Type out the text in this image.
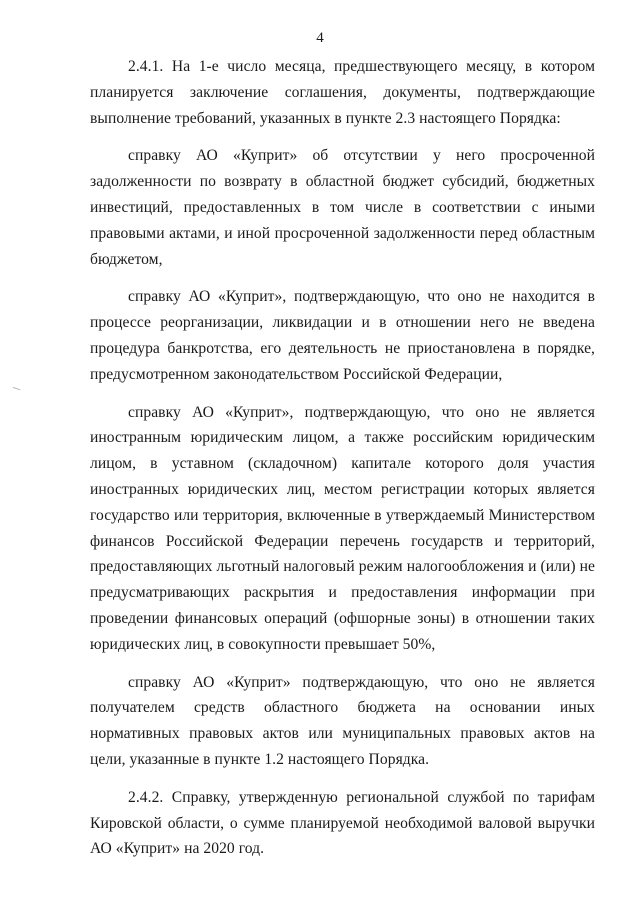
4

2.4.1. На 1-е число месяца, предшествующего месяцу, в котором планируется заключение соглашения, документы, подтверждающие выполнение требований, указанных в пункте 2.3 настоящего Порядка:

справку АО «Куприт» об отсутствии у него просроченной задолженности по возврату в областной бюджет субсидий, бюджетных инвестиций, предоставленных в том числе в соответствии с иными правовыми актами, и иной просроченной задолженности перед областным бюджетом,

справку АО «Куприт», подтверждающую, что оно не находится в процессе реорганизации, ликвидации и в отношении него не введена процедура банкротства, его деятельность не приостановлена в порядке, предусмотренном законодательством Российской Федерации,

справку АО «Куприт», подтверждающую, что оно не является иностранным юридическим лицом, а также российским юридическим лицом, в уставном (складочном) капитале которого доля участия иностранных юридических лиц, местом регистрации которых является государство или территория, включенные в утверждаемый Министерством финансов Российской Федерации перечень государств и территорий, предоставляющих льготный налоговый режим налогообложения и (или) не предусматривающих раскрытия и предоставления информации при проведении финансовых операций (офшорные зоны) в отношении таких юридических лиц, в совокупности превышает 50%,

справку АО «Куприт» подтверждающую, что оно не является получателем средств областного бюджета на основании иных нормативных правовых актов или муниципальных правовых актов на цели, указанные в пункте 1.2 настоящего Порядка.

2.4.2. Справку, утвержденную региональной службой по тарифам Кировской области, о сумме планируемой необходимой валовой выручки АО «Куприт» на 2020 год.
